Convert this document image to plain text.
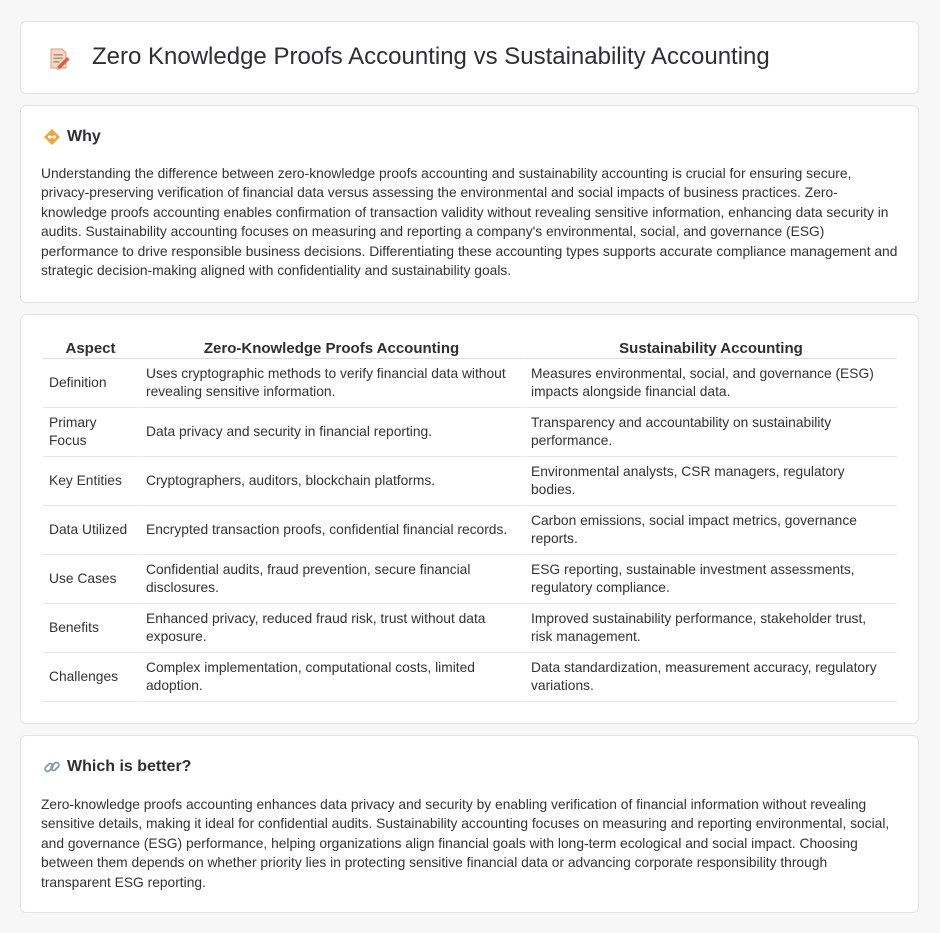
Zero Knowledge Proofs Accounting vs Sustainability Accounting
Why

Understanding the difference between zero-knowledge proofs accounting and sustainability accounting is crucial for ensuring secure, privacy-preserving verification of financial data versus assessing the environmental and social impacts of business practices. Zero-knowledge proofs accounting enables confirmation of transaction validity without revealing sensitive information, enhancing data security in audits. Sustainability accounting focuses on measuring and reporting a company's environmental, social, and governance (ESG) performance to drive responsible business decisions. Differentiating these accounting types supports accurate compliance management and strategic decision-making aligned with confidentiality and sustainability goals.

Aspect	Zero-Knowledge Proofs Accounting	Sustainability Accounting
Definition	Uses cryptographic methods to verify financial data without revealing sensitive information.	Measures environmental, social, and governance (ESG) impacts alongside financial data.
Primary Focus	Data privacy and security in financial reporting.	Transparency and accountability on sustainability performance.
Key Entities	Cryptographers, auditors, blockchain platforms.	Environmental analysts, CSR managers, regulatory bodies.
Data Utilized	Encrypted transaction proofs, confidential financial records.	Carbon emissions, social impact metrics, governance reports.
Use Cases	Confidential audits, fraud prevention, secure financial disclosures.	ESG reporting, sustainable investment assessments, regulatory compliance.
Benefits	Enhanced privacy, reduced fraud risk, trust without data exposure.	Improved sustainability performance, stakeholder trust, risk management.
Challenges	Complex implementation, computational costs, limited adoption.	Data standardization, measurement accuracy, regulatory variations.
Which is better?

Zero-knowledge proofs accounting enhances data privacy and security by enabling verification of financial information without revealing sensitive details, making it ideal for confidential audits. Sustainability accounting focuses on measuring and reporting environmental, social, and governance (ESG) performance, helping organizations align financial goals with long-term ecological and social impact. Choosing between them depends on whether priority lies in protecting sensitive financial data or advancing corporate responsibility through transparent ESG reporting.
